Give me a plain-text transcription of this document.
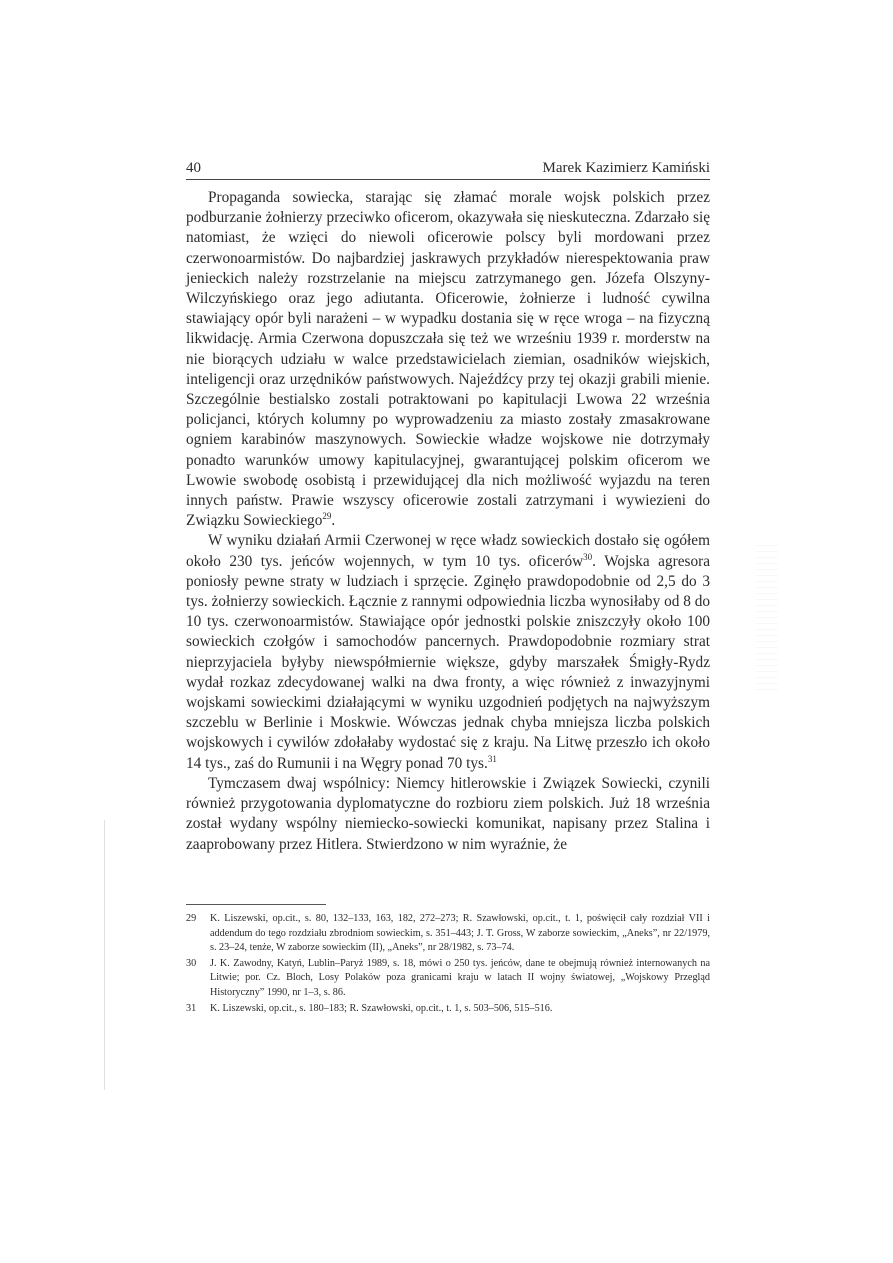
40	Marek Kazimierz Kamiński

Propaganda sowiecka, starając się złamać morale wojsk polskich przez podburzanie żołnierzy przeciwko oficerom, okazywała się nieskuteczna. Zdarzało się natomiast, że wzięci do niewoli oficerowie polscy byli mordowani przez czerwonoarmistów. Do najbardziej jaskrawych przykładów nierespektowania praw jenieckich należy rozstrzelanie na miejscu zatrzymanego gen. Józefa Olszyny-Wilczyńskiego oraz jego adiutanta. Oficerowie, żołnierze i ludność cywilna stawiający opór byli narażeni – w wypadku dostania się w ręce wroga – na fizyczną likwidację. Armia Czerwona dopuszczała się też we wrześniu 1939 r. morderstw na nie biorących udziału w walce przedstawicielach ziemian, osadników wiejskich, inteligencji oraz urzędników państwowych. Najeźdźcy przy tej okazji grabili mienie. Szczególnie bestialsko zostali potraktowani po kapitulacji Lwowa 22 września policjanci, których kolumny po wyprowadzeniu za miasto zostały zmasakrowane ogniem karabinów maszynowych. Sowieckie władze wojskowe nie dotrzymały ponadto warunków umowy kapitulacyjnej, gwarantującej polskim oficerom we Lwowie swobodę osobistą i przewidującej dla nich możliwość wyjazdu na teren innych państw. Prawie wszyscy oficerowie zostali zatrzymani i wywiezieni do Związku Sowieckiego$^{29}$.

W wyniku działań Armii Czerwonej w ręce władz sowieckich dostało się ogółem około 230 tys. jeńców wojennych, w tym 10 tys. oficerów$^{30}$. Wojska agresora poniosły pewne straty w ludziach i sprzęcie. Zginęło prawdopodobnie od 2,5 do 3 tys. żołnierzy sowieckich. Łącznie z rannymi odpowiednia liczba wynosiłaby od 8 do 10 tys. czerwonoarmistów. Stawiające opór jednostki polskie zniszczyły około 100 sowieckich czołgów i samochodów pancernych. Prawdopodobnie rozmiary strat nieprzyjaciela byłyby niewspółmiernie większe, gdyby marszałek Śmigły-Rydz wydał rozkaz zdecydowanej walki na dwa fronty, a więc również z inwazyjnymi wojskami sowieckimi działającymi w wyniku uzgodnień podjętych na najwyższym szczeblu w Berlinie i Moskwie. Wówczas jednak chyba mniejsza liczba polskich wojskowych i cywilów zdołałaby wydostać się z kraju. Na Litwę przeszło ich około 14 tys., zaś do Rumunii i na Węgry ponad 70 tys.$^{31}$

Tymczasem dwaj wspólnicy: Niemcy hitlerowskie i Związek Sowiecki, czynili również przygotowania dyplomatyczne do rozbioru ziem polskich. Już 18 września został wydany wspólny niemiecko-sowiecki komunikat, napisany przez Stalina i zaaprobowany przez Hitlera. Stwierdzono w nim wyraźnie, że

29	K. Liszewski, op.cit., s. 80, 132–133, 163, 182, 272–273; R. Szawłowski, op.cit., t. 1, poświęcił cały rozdział VII i addendum do tego rozdziału zbrodniom sowieckim, s. 351–443; J. T. Gross, W zaborze sowieckim, „Aneks”, nr 22/1979, s. 23–24, tenże, W zaborze sowieckim (II), „Aneks”, nr 28/1982, s. 73–74.
30	J. K. Zawodny, Katyń, Lublin–Paryż 1989, s. 18, mówi o 250 tys. jeńców, dane te obejmują również internowanych na Litwie; por. Cz. Bloch, Losy Polaków poza granicami kraju w latach II wojny światowej, „Wojskowy Przegląd Historyczny” 1990, nr 1–3, s. 86.
31	K. Liszewski, op.cit., s. 180–183; R. Szawłowski, op.cit., t. 1, s. 503–506, 515–516.
